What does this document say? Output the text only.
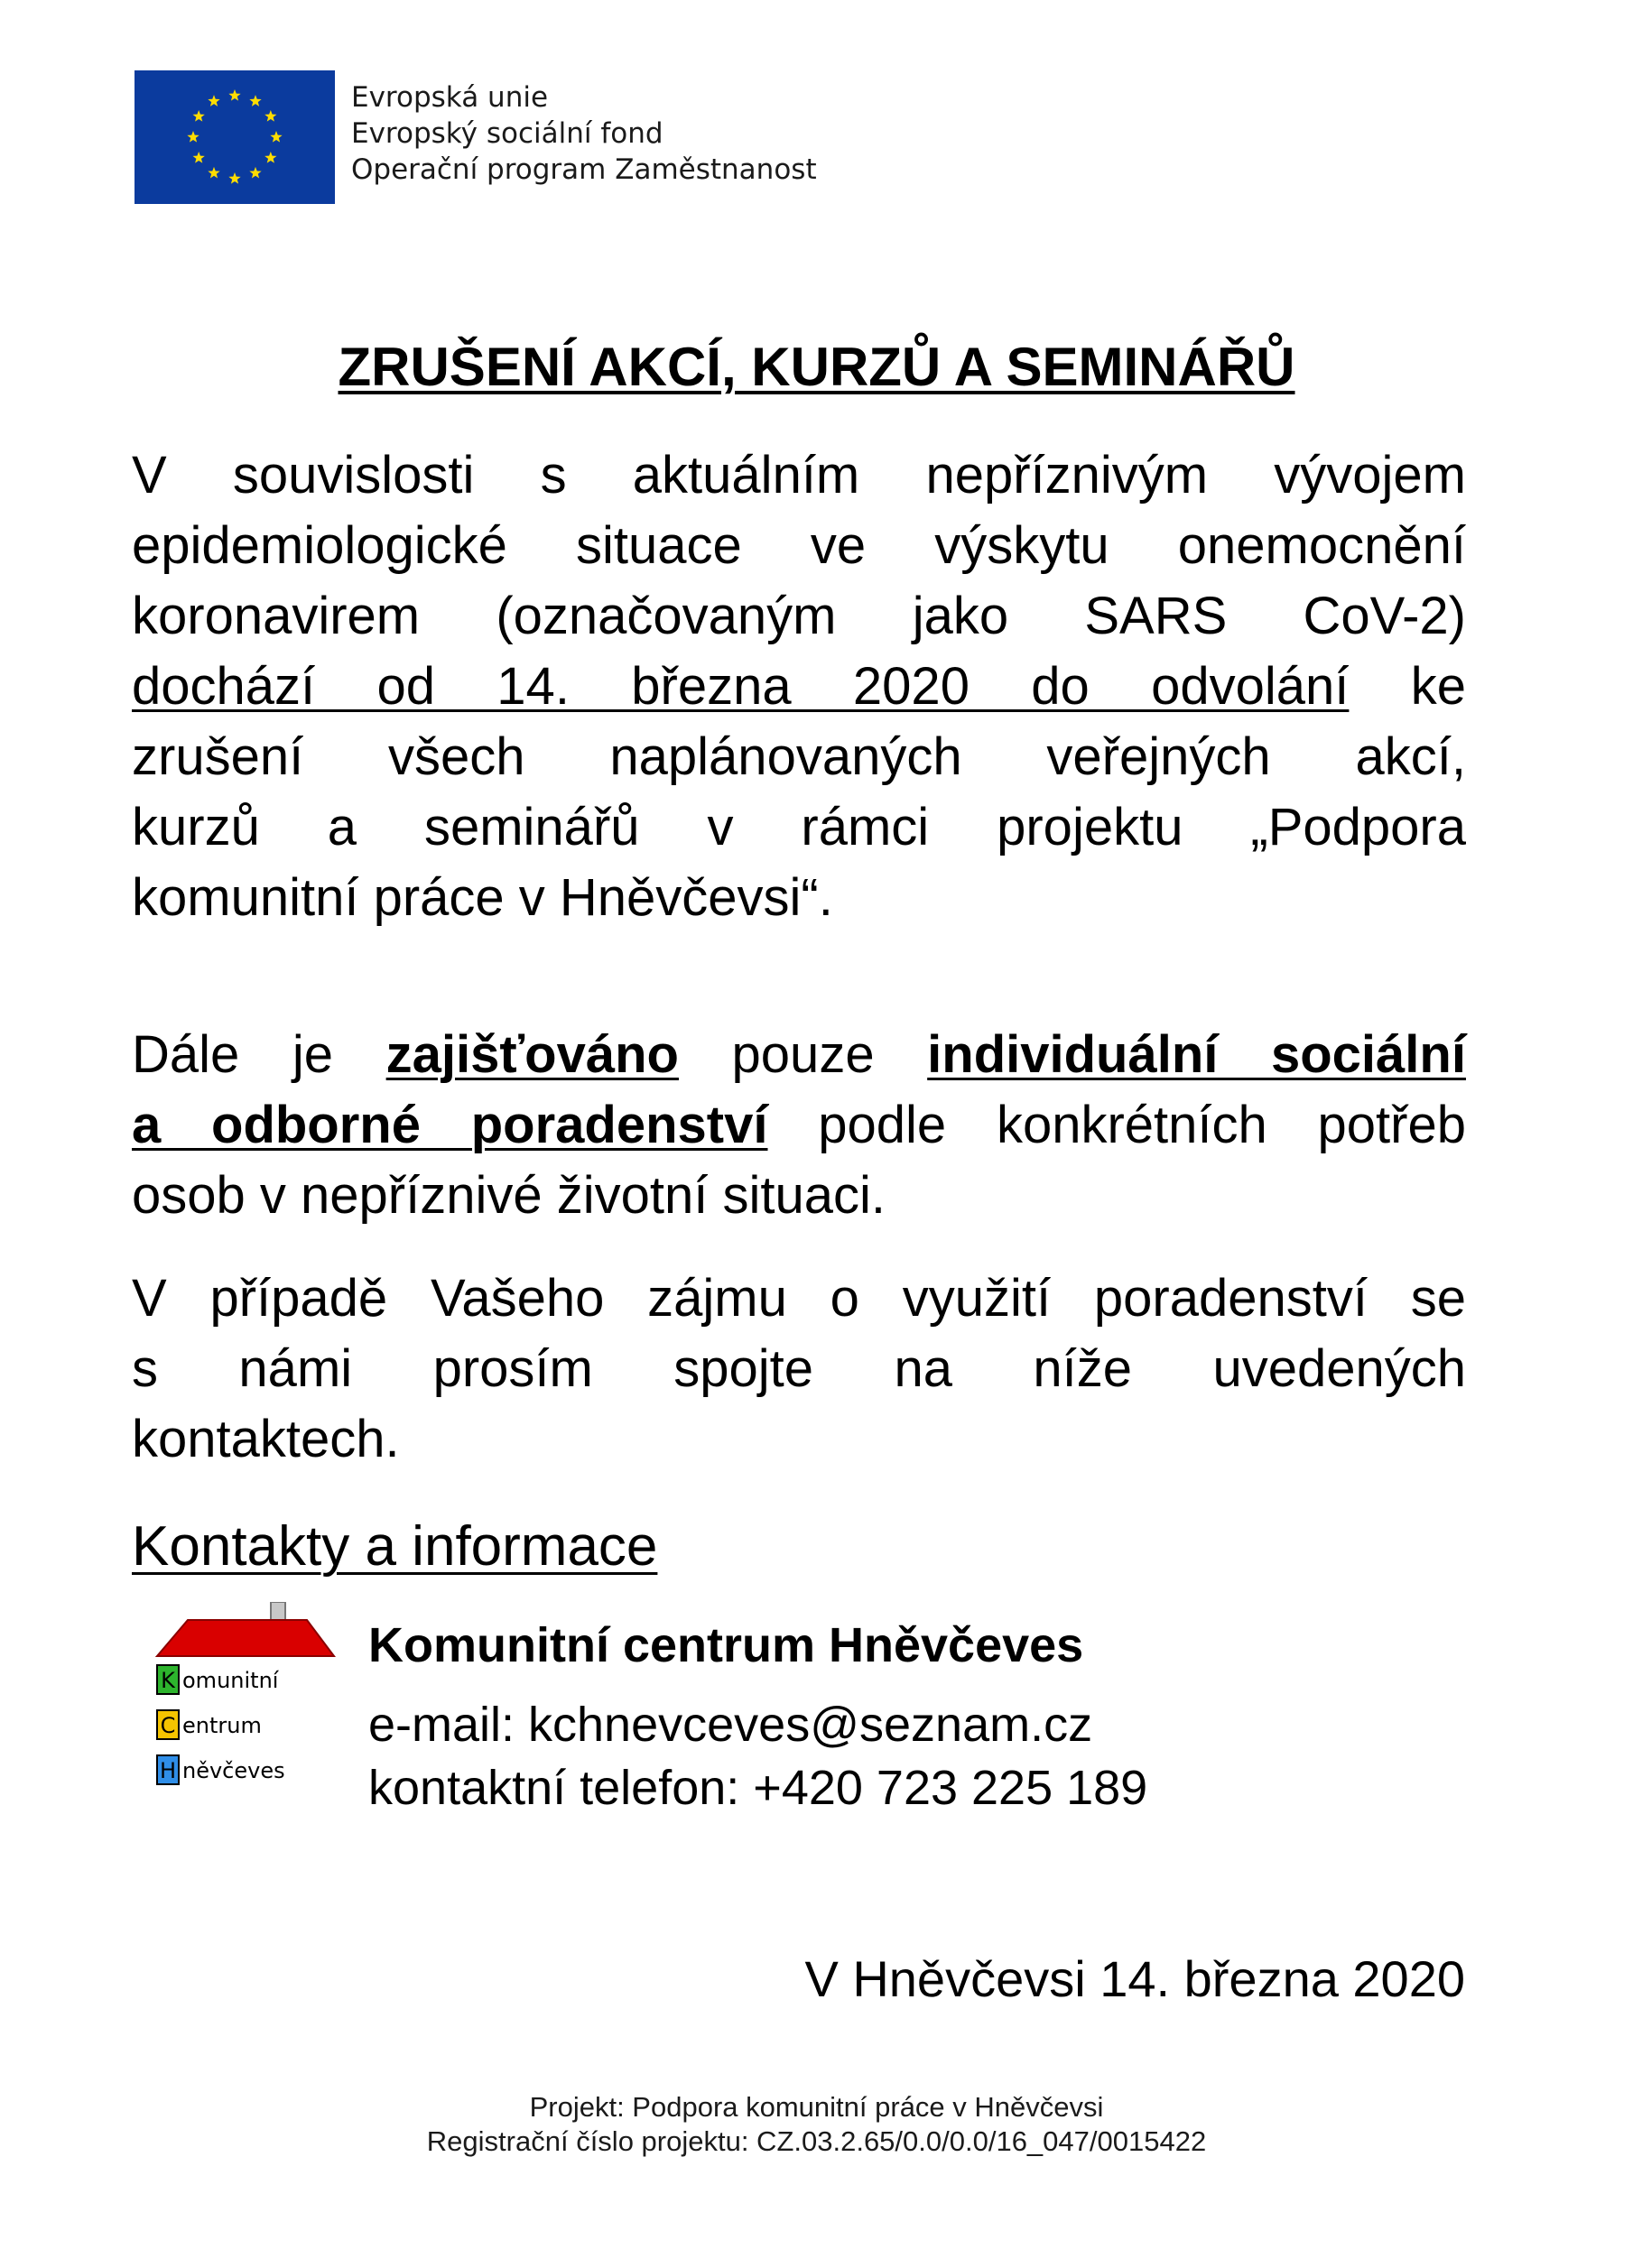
Evropská unie
Evropský sociální fond
Operační program Zaměstnanost
ZRUŠENÍ AKCÍ, KURZŮ A SEMINÁŘŮ
V souvislosti s aktuálním nepříznivým vývojem
epidemiologické situace ve výskytu onemocnění
koronavirem (označovaným jako SARS CoV-2)
dochází od 14. března 2020 do odvolání ke
zrušení všech naplánovaných veřejných akcí,
kurzů a seminářů v rámci projektu „Podpora
komunitní práce v Hněvčevsi“.
Dále je zajišťováno pouze individuální sociální
a odborné poradenství podle konkrétních potřeb
osob v nepříznivé životní situaci.
V případě Vašeho zájmu o využití poradenství se
s námi prosím spojte na níže uvedených
kontaktech.
Kontakty a informace
K
C
H
omunitní
entrum
něvčeves
Komunitní centrum Hněvčeves
e-mail: kchnevceves@seznam.cz
kontaktní telefon: +420 723 225 189
V Hněvčevsi 14. března 2020
Projekt: Podpora komunitní práce v Hněvčevsi
Registrační číslo projektu: CZ.03.2.65/0.0/0.0/16_047/0015422
